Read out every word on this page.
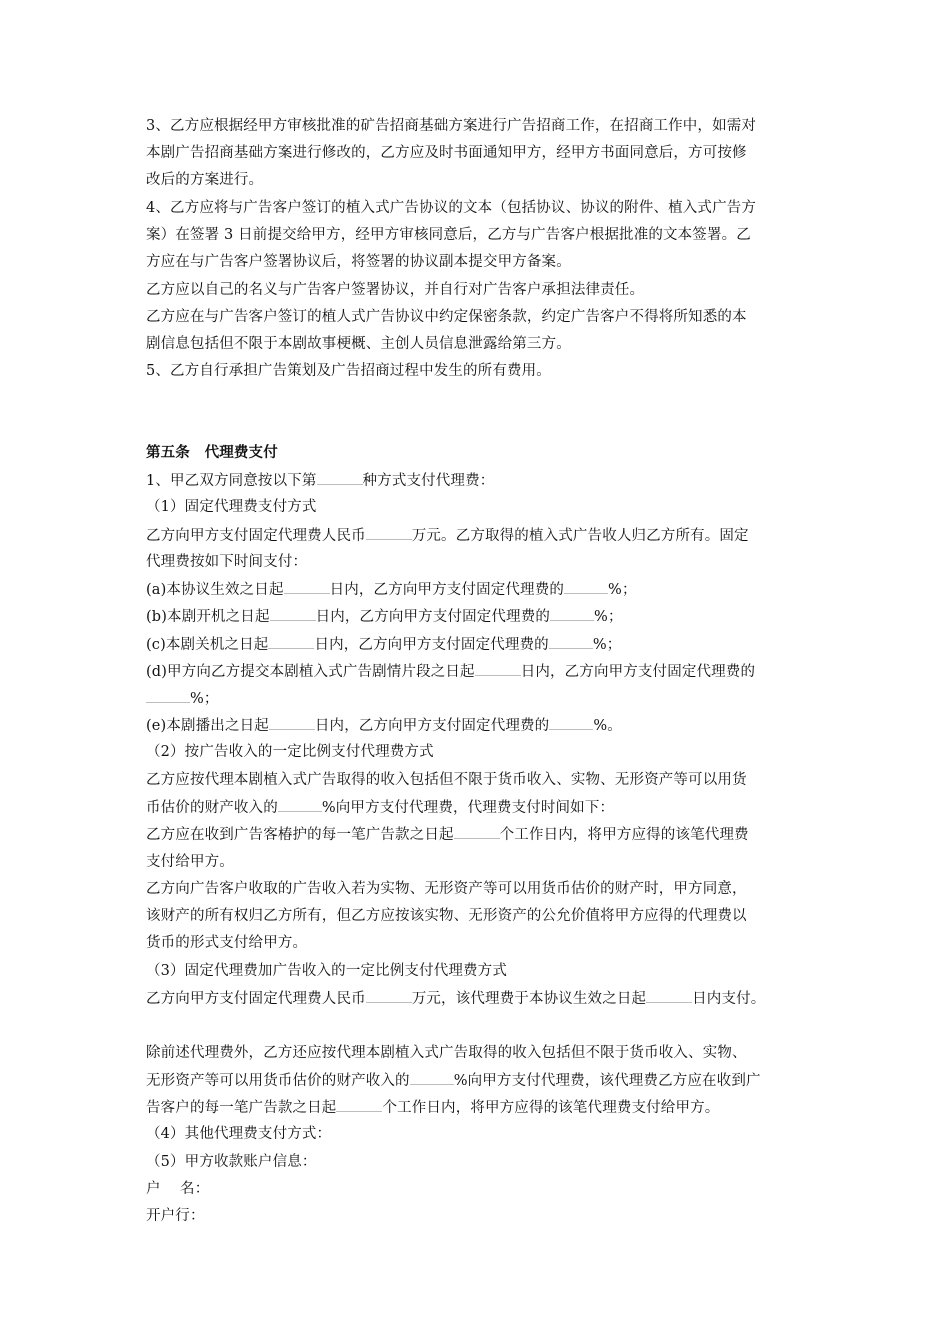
3、乙方应根据经甲方审核批准的矿告招商基础方案进行广告招商工作，在招商工作中，如需对
本剧广告招商基础方案进行修改的，乙方应及时书面通知甲方，经甲方书面同意后，方可按修
改后的方案进行。
4、乙方应将与广告客户签订的植入式广告协议的文本（包括协议、协议的附件、植入式广告方
案）在签署 3 日前提交给甲方，经甲方审核同意后，乙方与广告客户根据批准的文本签署。乙
方应在与广告客户签署协议后，将签署的协议副本提交甲方备案。
乙方应以自己的名义与广告客户签署协议，并自行对广告客户承担法律责任。
乙方应在与广告客户签订的植人式广告协议中约定保密条款，约定广告客户不得将所知悉的本
剧信息包括但不限于本剧故事梗概、主创人员信息泄露给第三方。
5、乙方自行承担广告策划及广告招商过程中发生的所有费用。
第五条　代理费支付
1、甲乙双方同意按以下第	种方式支付代理费：
（1）固定代理费支付方式
乙方向甲方支付固定代理费人民币	万元。乙方取得的植入式广告收人归乙方所有。固定
代理费按如下时间支付：
(a)本协议生效之日起	日内，乙方向甲方支付固定代理费的	%；
(b)本剧开机之日起	日内，乙方向甲方支付固定代理费的	%；
(c)本剧关机之日起	日内，乙方向甲方支付固定代理费的	%；
(d)甲方向乙方提交本剧植入式广告剧情片段之日起	日内，乙方向甲方支付固定代理费的
%；
(e)本剧播出之日起	日内，乙方向甲方支付固定代理费的	%。
（2）按广告收入的一定比例支付代理费方式
乙方应按代理本剧植入式广告取得的收入包括但不限于货币收入、实物、无形资产等可以用货
币估价的财产收入的	%向甲方支付代理费，代理费支付时间如下：
乙方应在收到广告客椿护的每一笔广告款之日起	个工作日内，将甲方应得的该笔代理费
支付给甲方。
乙方向广告客户收取的广告收入若为实物、无形资产等可以用货币估价的财产时，甲方同意，
该财产的所有权归乙方所有，但乙方应按该实物、无形资产的公允价值将甲方应得的代理费以
货币的形式支付给甲方。
（3）固定代理费加广告收入的一定比例支付代理费方式
乙方向甲方支付固定代理费人民币	万元，该代理费于本协议生效之日起	日内支付。
除前述代理费外，乙方还应按代理本剧植入式广告取得的收入包括但不限于货币收入、实物、
无形资产等可以用货币估价的财产收入的	%向甲方支付代理费，该代理费乙方应在收到广
告客户的每一笔广告款之日起	个工作日内，将甲方应得的该笔代理费支付给甲方。
（4）其他代理费支付方式：
（5）甲方收款账户信息：
户　 名：
开户行：
